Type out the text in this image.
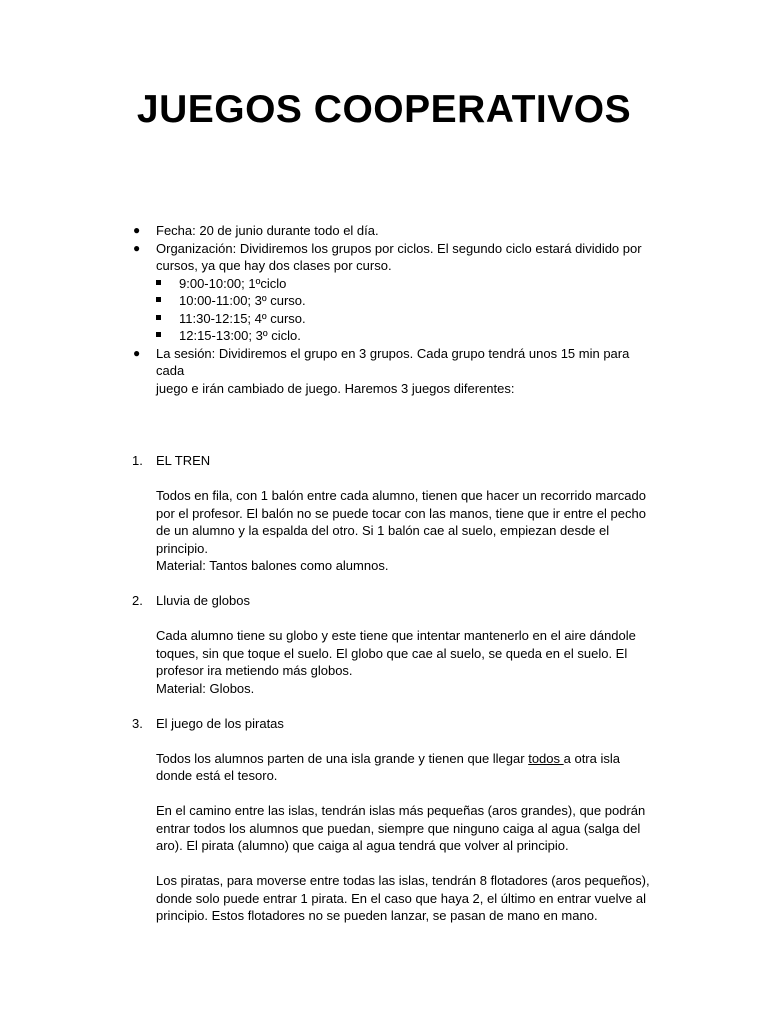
JUEGOS COOPERATIVOS
● Fecha: 20 de junio durante todo el día.
● Organización: Dividiremos los grupos por ciclos. El segundo ciclo estará dividido por
cursos, ya que hay dos clases por curso.
9:00-10:00; 1ºciclo
10:00-11:00; 3º curso.
11:30-12:15; 4º curso.
12:15-13:00; 3º ciclo.
● La sesión: Dividiremos el grupo en 3 grupos. Cada grupo tendrá unos 15 min para cada
juego e irán cambiado de juego. Haremos 3 juegos diferentes:
1. EL TREN
Todos en fila, con 1 balón entre cada alumno, tienen que hacer un recorrido marcado
por el profesor. El balón no se puede tocar con las manos, tiene que ir entre el pecho
de un alumno y la espalda del otro. Si 1 balón cae al suelo, empiezan desde el
principio.
Material: Tantos balones como alumnos.
2. Lluvia de globos
Cada alumno tiene su globo y este tiene que intentar mantenerlo en el aire dándole
toques, sin que toque el suelo. El globo que cae al suelo, se queda en el suelo. El
profesor ira metiendo más globos.
Material: Globos.
3. El juego de los piratas
Todos los alumnos parten de una isla grande y tienen que llegar todos a otra isla
donde está el tesoro.
En el camino entre las islas, tendrán islas más pequeñas (aros grandes), que podrán
entrar todos los alumnos que puedan, siempre que ninguno caiga al agua (salga del
aro). El pirata (alumno) que caiga al agua tendrá que volver al principio.
Los piratas, para moverse entre todas las islas, tendrán 8 flotadores (aros pequeños),
donde solo puede entrar 1 pirata. En el caso que haya 2, el último en entrar vuelve al
principio. Estos flotadores no se pueden lanzar, se pasan de mano en mano.
